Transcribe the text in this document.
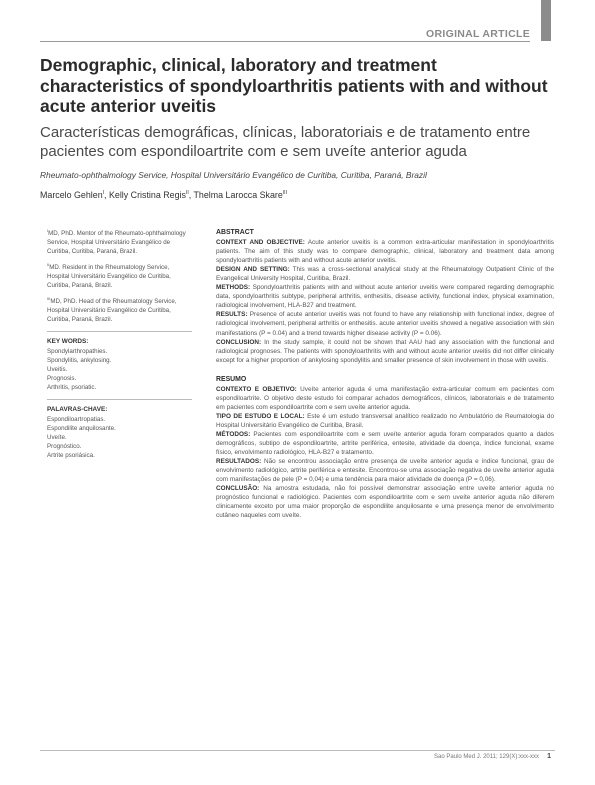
ORIGINAL ARTICLE
Demographic, clinical, laboratory and treatment characteristics of spondyloarthritis patients with and without acute anterior uveitis
Características demográficas, clínicas, laboratoriais e de tratamento entre pacientes com espondiloartrite com e sem uveíte anterior aguda
Rheumato-ophthalmology Service, Hospital Universitário Evangélico de Curitiba, Curitiba, Paraná, Brazil
Marcelo Gehlen$^I$, Kelly Cristina Regis$^{II}$, Thelma Larocca Skare$^{III}$

$^I$MD, PhD. Mentor of the Rheumato-ophthalmology Service, Hospital Universitário Evangélico de Curitiba, Curitiba, Paraná, Brazil.

$^{II}$MD. Resident in the Rheumatology Service, Hospital Universitário Evangélico de Curitiba, Curitiba, Paraná, Brazil.

$^{III}$MD, PhD. Head of the Rheumatology Service, Hospital Universitário Evangélico de Curitiba, Curitiba, Paraná, Brazil.

KEY WORDS:
Spondylarthropathies.
Spondylitis, ankylosing.
Uveitis.
Prognosis.
Arthritis, psoriatic.
PALAVRAS-CHAVE:
Espondiloartropatias.
Espondilite anquilosante.
Uveíte.
Prognóstico.
Artrite psoriásica.
ABSTRACT

CONTEXT AND OBJECTIVE: Acute anterior uveitis is a common extra-articular manifestation in spondyloarthritis patients. The aim of this study was to compare demographic, clinical, laboratory and treatment data among spondyloarthritis patients with and without acute anterior uveitis.

DESIGN AND SETTING: This was a cross-sectional analytical study at the Rheumatology Outpatient Clinic of the Evangelical University Hospital, Curitiba, Brazil.

METHODS: Spondyloarthritis patients with and without acute anterior uveitis were compared regarding demographic data, spondyloarthritis subtype, peripheral arthritis, enthesitis, disease activity, functional index, physical examination, radiological involvement, HLA-B27 and treatment.

RESULTS: Presence of acute anterior uveitis was not found to have any relationship with functional index, degree of radiological involvement, peripheral arthritis or enthesitis. acute anterior uveitis showed a negative association with skin manifestations (P = 0.04) and a trend towards higher disease activity (P = 0.06).

CONCLUSION: In the study sample, it could not be shown that AAU had any association with the functional and radiological prognoses. The patients with spondyloarthritis with and without acute anterior uveitis did not differ clinically except for a higher proportion of ankylosing spondylitis and smaller presence of skin involvement in those with uveitis.

RESUMO

CONTEXTO E OBJETIVO: Uveíte anterior aguda é uma manifestação extra-articular comum em pacientes com espondiloartrite. O objetivo deste estudo foi comparar achados demográficos, clínicos, laboratoriais e de tratamento em pacientes com espondiloartrite com e sem uveíte anterior aguda.

TIPO DE ESTUDO E LOCAL: Este é um estudo transversal analítico realizado no Ambulatório de Reumatologia do Hospital Universitário Evangélico de Curitiba, Brasil.

MÉTODOS: Pacientes com espondiloartrite com e sem uveíte anterior aguda foram comparados quanto a dados demográficos, subtipo de espondiloartrite, artrite periférica, entesite, atividade da doença, índice funcional, exame físico, envolvimento radiológico, HLA-B27 e tratamento.

RESULTADOS: Não se encontrou associação entre presença de uveíte anterior aguda e índice funcional, grau de envolvimento radiológico, artrite periférica e entesite. Encontrou-se uma associação negativa de uveíte anterior aguda com manifestações de pele (P = 0,04) e uma tendência para maior atividade de doença (P = 0,06).

CONCLUSÃO: Na amostra estudada, não foi possível demonstrar associação entre uveíte anterior aguda no prognóstico funcional e radiológico. Pacientes com espondiloartrite com e sem uveíte anterior aguda não diferem clinicamente exceto por uma maior proporção de espondilite anquilosante e uma presença menor de envolvimento cutâneo naqueles com uveíte.

Sao Paulo Med J. 2011; 129(X):xxx-xxx 1
